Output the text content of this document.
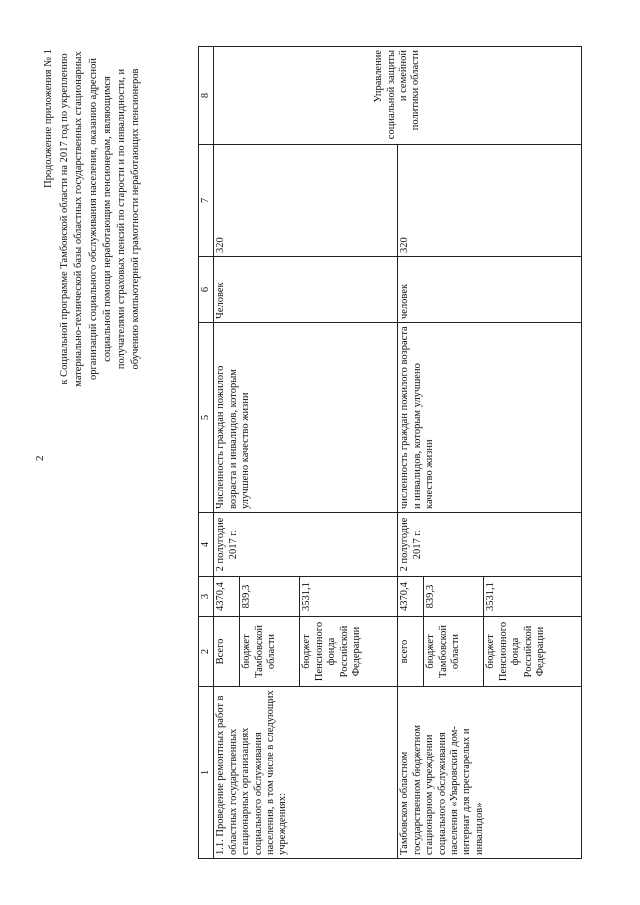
2
Продолжение приложения № 1 к Социальной программе Тамбовской области на 2017 год по укреплению материально-технической базы областных государственных стационарных организаций социального обслуживания населения, оказанию адресной социальной помощи неработающим пенсионерам, являющимся получателями страховых пенсий по старости и по инвалидности, и обучению компьютерной грамотности неработающих пенсионеров
1	2	3	4	5	6	7	8
1.1. Проведение ремонтных работ в областных государственных стационарных организациях социального обслуживания населения, в том числе в следующих учреждениях:	Всего	4370,4	2 полугодие 2017 г.	Численность граждан пожилого возраста и инвалидов, которым улучшено качество жизни	Человек	320	Управление социальной защиты и семейной политики области
	бюджет Тамбовской области	839,3					
	бюджет Пенсионного фонда Российской Федерации	3531,1					
Тамбовском областном государственном бюджетном стационарном учреждении социального обслуживания населения «Уваровский дом-интернат для престарелых и инвалидов»	всего	4370,4	2 полугодие 2017 г.	численность граждан пожилого возраста и инвалидов, которым улучшено качество жизни	человек	320	
	бюджет Тамбовской области	839,3					
	бюджет Пенсионного фонда Российской Федерации	3531,1					
